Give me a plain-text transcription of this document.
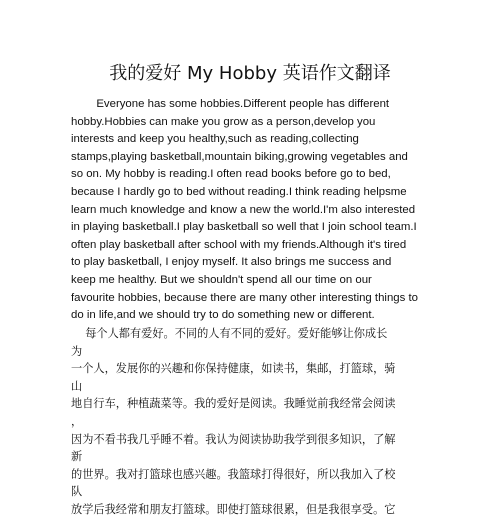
我的爱好 My Hobby 英语作文翻译
Everyone has some hobbies.Different people has different
hobby.Hobbies can make you grow as a person,develop you
interests and keep you healthy,such as reading,collecting
stamps,playing basketball,mountain biking,growing vegetables and
so on. My hobby is reading.I often read books before go to bed,
because I hardly go to bed without reading.I think reading helpsme
learn much knowledge and know a new the world.I'm also interested
in playing basketball.I play basketball so well that I join school team.I
often play basketball after school with my friends.Although it's tired
to play basketball, I enjoy myself. It also brings me success and
keep me healthy. But we shouldn't spend all our time on our
favourite hobbies, because there are many other interesting things to
do in life,and we should try to do something new or different.
每个人都有爱好。不同的人有不同的爱好。爱好能够让你成长
为
一个人，发展你的兴趣和你保持健康，如读书，集邮，打篮球，骑
山
地自行车，种植蔬菜等。我的爱好是阅读。我睡觉前我经常会阅读
，
因为不看书我几乎睡不着。我认为阅读协助我学到很多知识，了解
新
的世界。我对打篮球也感兴趣。我篮球打得很好，所以我加入了校
队
放学后我经常和朋友打篮球。即使打篮球很累，但是我很享受。它
